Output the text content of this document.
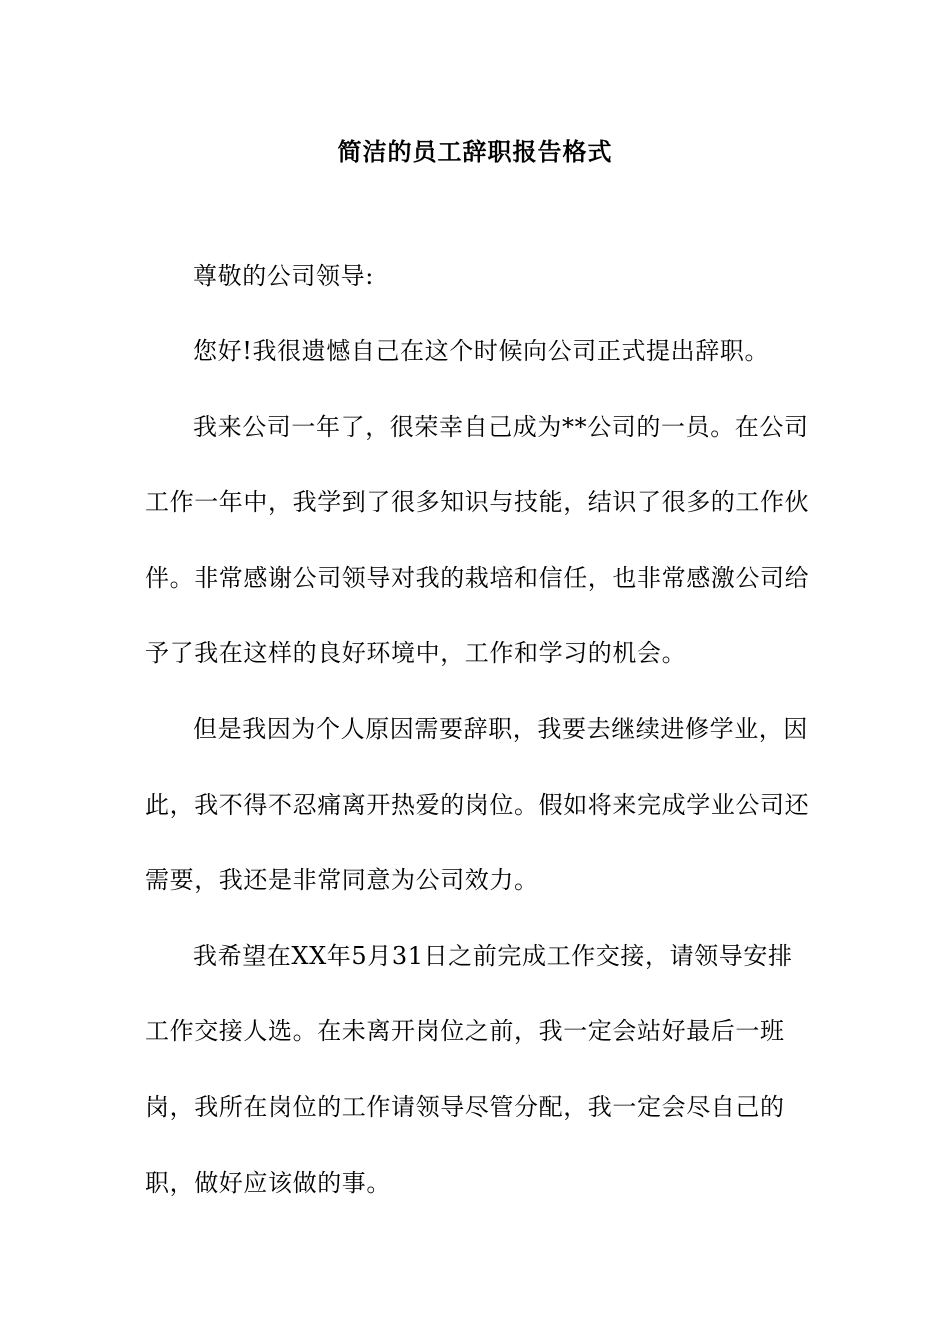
简洁的员工辞职报告格式

尊敬的公司领导:

您好!我很遗憾自己在这个时候向公司正式提出辞职。

我来公司一年了，很荣幸自己成为**公司的一员。在公司工作一年中，我学到了很多知识与技能，结识了很多的工作伙伴。非常感谢公司领导对我的栽培和信任，也非常感激公司给予了我在这样的良好环境中，工作和学习的机会。

但是我因为个人原因需要辞职，我要去继续进修学业，因此，我不得不忍痛离开热爱的岗位。假如将来完成学业公司还需要，我还是非常同意为公司效力。

我希望在XX年5月31日之前完成工作交接，请领导安排工作交接人选。在未离开岗位之前，我一定会站好最后一班岗，我所在岗位的工作请领导尽管分配，我一定会尽自己的职，做好应该做的事。
